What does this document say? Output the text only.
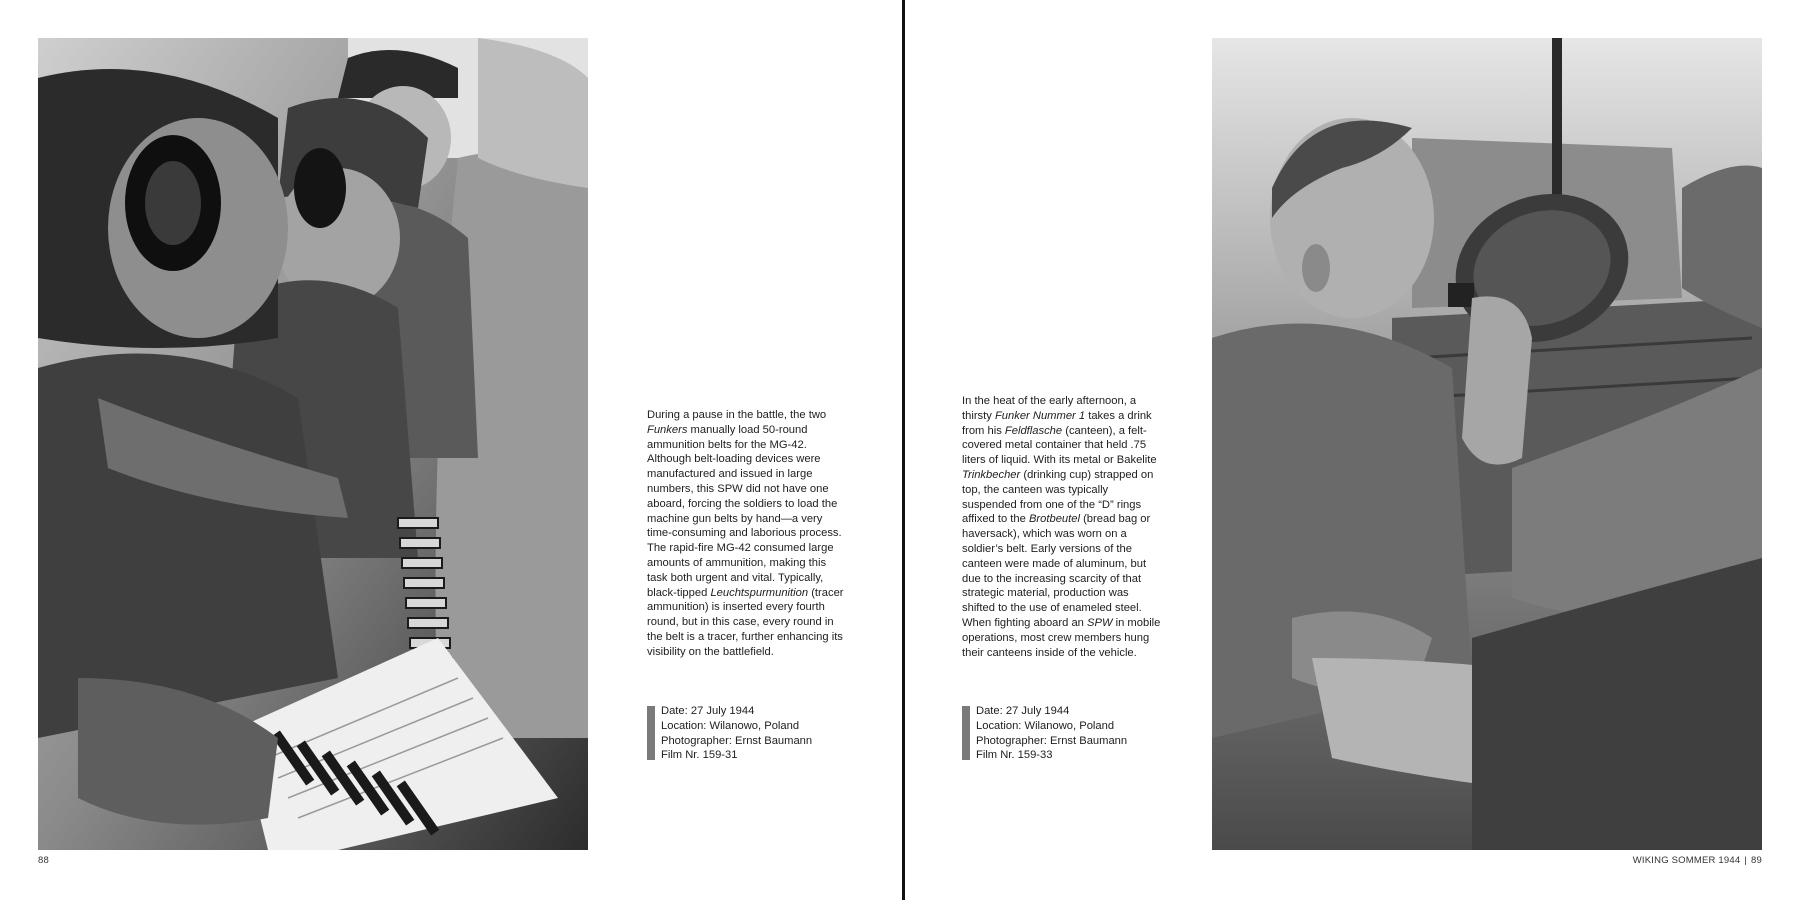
During a pause in the battle, the two Funkers manually load 50-round ammunition belts for the MG-42. Although belt-loading devices were manufactured and issued in large numbers, this SPW did not have one aboard, forcing the soldiers to load the machine gun belts by hand—a very time-consuming and laborious process. The rapid-fire MG-42 consumed large amounts of ammunition, making this task both urgent and vital. Typically, black-tipped Leuchtspurmunition (tracer ammunition) is inserted every fourth round, but in this case, every round in the belt is a tracer, further enhancing its visibility on the battlefield.

Date: 27 July 1944
Location: Wilanowo, Poland
Photographer: Ernst Baumann
Film Nr. 159-31
88

In the heat of the early afternoon, a thirsty Funker Nummer 1 takes a drink from his Feldflasche (canteen), a felt-covered metal container that held .75 liters of liquid. With its metal or Bakelite Trinkbecher (drinking cup) strapped on top, the canteen was typically suspended from one of the “D” rings affixed to the Brotbeutel (bread bag or haversack), which was worn on a soldier’s belt. Early versions of the canteen were made of aluminum, but due to the increasing scarcity of that strategic material, production was shifted to the use of enameled steel. When fighting aboard an SPW in mobile operations, most crew members hung their canteens inside of the vehicle.

Date: 27 July 1944
Location: Wilanowo, Poland
Photographer: Ernst Baumann
Film Nr. 159-33
WIKING SOMMER 1944 | 89
